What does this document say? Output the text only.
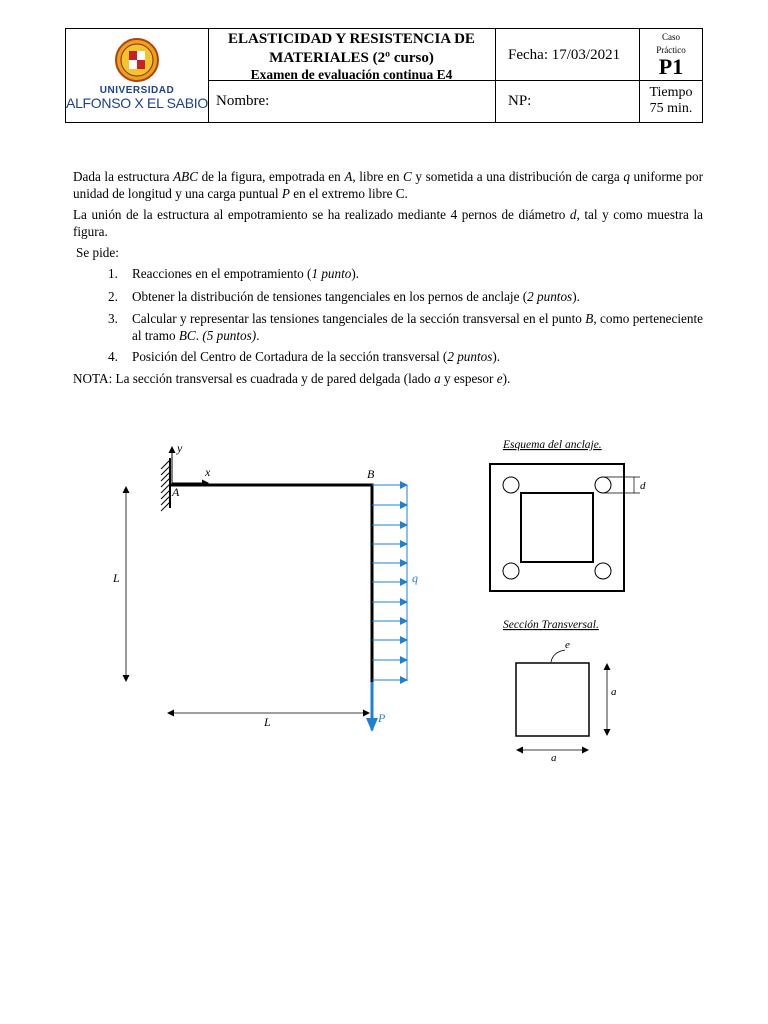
UNIVERSIDAD
ALFONSO X EL SABIO
ELASTICIDAD Y RESISTENCIA DE
MATERIALES (2º curso)
Examen de evaluación continua E4
Fecha: 17/03/2021
Caso
Práctico
P1
Nombre:	NP:
Tiempo
75 min.
Dada la estructura ABC de la figura, empotrada en A, libre en C y sometida a una distribución de carga q uniforme por unidad de longitud y una carga puntual P en el extremo libre C.
La unión de la estructura al empotramiento se ha realizado mediante 4 pernos de diámetro d, tal y como muestra la figura.
Se pide:
1. Reacciones en el empotramiento (1 punto).
2. Obtener la distribución de tensiones tangenciales en los pernos de anclaje (2 puntos).
3. Calcular y representar las tensiones tangenciales de la sección transversal en el punto B, como perteneciente al tramo BC. (5 puntos).
4. Posición del Centro de Cortadura de la sección transversal (2 puntos).
NOTA: La sección transversal es cuadrada y de pared delgada (lado a y espesor e).
y
x
A
B
q
P
L
L
Esquema del anclaje.
d
Sección Transversal.
e
a
a
